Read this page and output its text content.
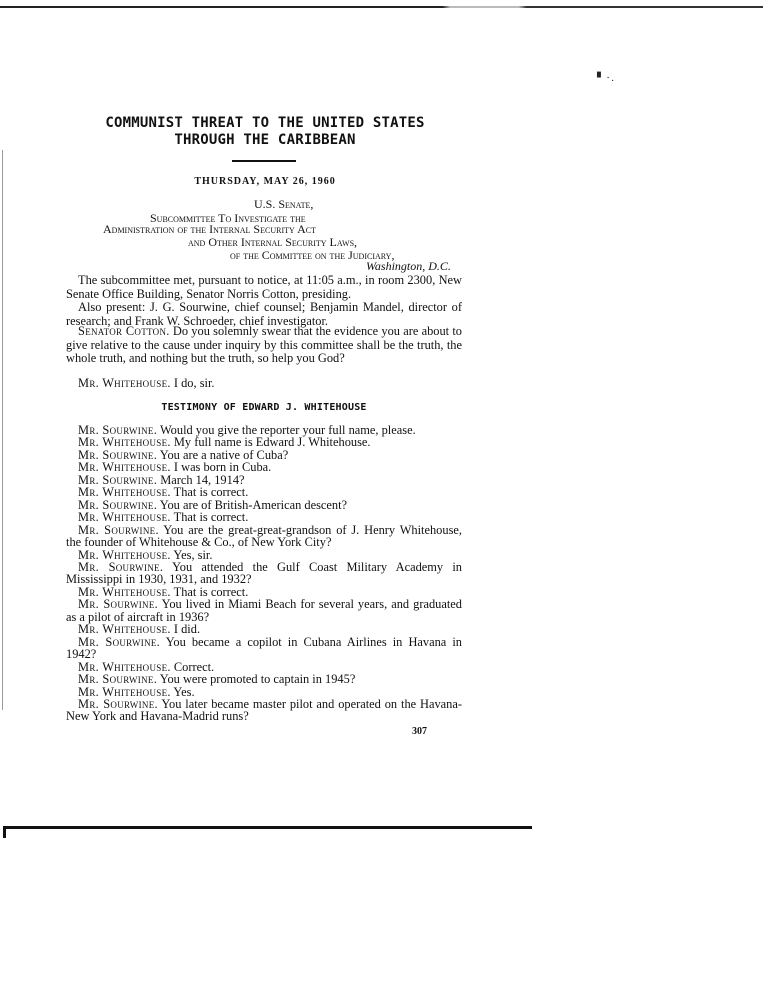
▘⸱.
COMMUNIST THREAT TO THE UNITED STATES
THROUGH THE CARIBBEAN
THURSDAY, MAY 26, 1960
U.S. Senate,
Subcommittee To Investigate the
Administration of the Internal Security Act
and Other Internal Security Laws,
of the Committee on the Judiciary,
Washington, D.C.
The subcommittee met, pursuant to notice, at 11:05 a.m., in room 2300, New Senate Office Building, Senator Norris Cotton, presiding.
Also present: J. G. Sourwine, chief counsel; Benjamin Mandel, director of research; and Frank W. Schroeder, chief investigator.
Senator Cotton. Do you solemnly swear that the evidence you are about to give relative to the cause under inquiry by this committee shall be the truth, the whole truth, and nothing but the truth, so help you God?
Mr. Whitehouse. I do, sir.
TESTIMONY OF EDWARD J. WHITEHOUSE

Mr. Sourwine. Would you give the reporter your full name, please.

Mr. Whitehouse. My full name is Edward J. Whitehouse.

Mr. Sourwine. You are a native of Cuba?

Mr. Whitehouse. I was born in Cuba.

Mr. Sourwine. March 14, 1914?

Mr. Whitehouse. That is correct.

Mr. Sourwine. You are of British-American descent?

Mr. Whitehouse. That is correct.

Mr. Sourwine. You are the great-great-grandson of J. Henry Whitehouse, the founder of Whitehouse & Co., of New York City?

Mr. Whitehouse. Yes, sir.

Mr. Sourwine. You attended the Gulf Coast Military Academy in Mississippi in 1930, 1931, and 1932?

Mr. Whitehouse. That is correct.

Mr. Sourwine. You lived in Miami Beach for several years, and graduated as a pilot of aircraft in 1936?

Mr. Whitehouse. I did.

Mr. Sourwine. You became a copilot in Cubana Airlines in Havana in 1942?

Mr. Whitehouse. Correct.

Mr. Sourwine. You were promoted to captain in 1945?

Mr. Whitehouse. Yes.

Mr. Sourwine. You later became master pilot and operated on the Havana-New York and Havana-Madrid runs?

307
